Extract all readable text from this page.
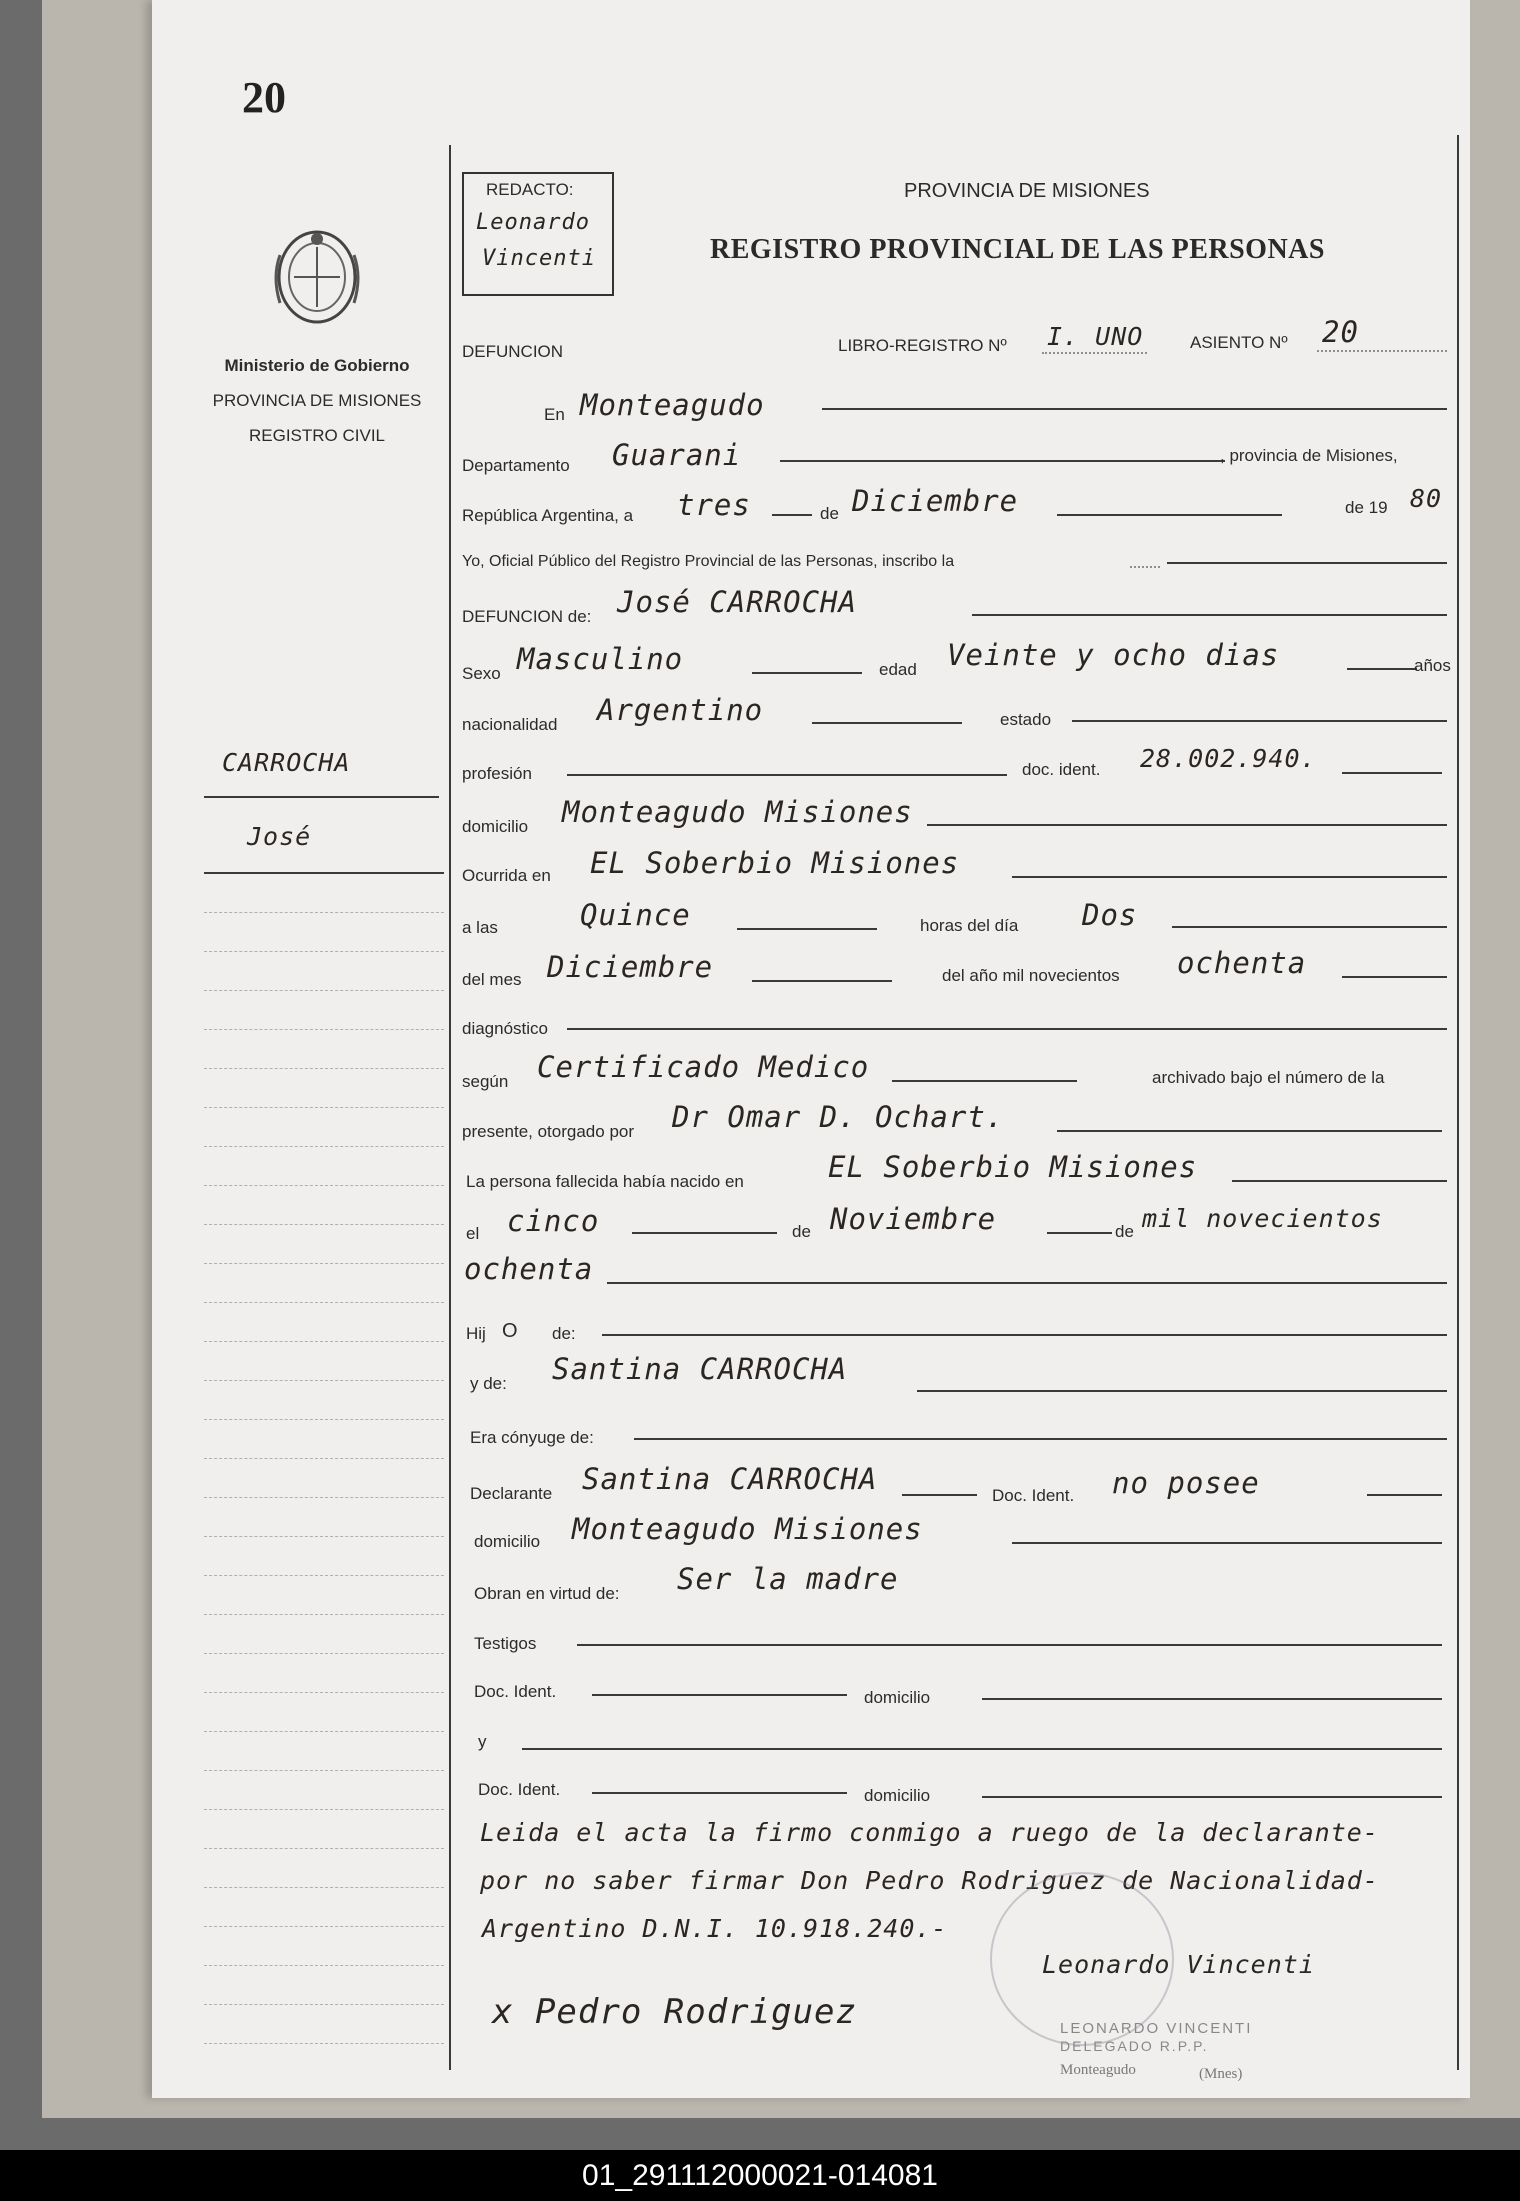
20
Ministerio de Gobierno
PROVINCIA DE MISIONES
REGISTRO CIVIL
CARROCHA
José
PROVINCIA DE MISIONES
REGISTRO PROVINCIAL DE LAS PERSONAS
DEFUNCION	LIBRO-REGISTRO Nº I. UNO	ASIENTO Nº 20
En Monteagudo
Departamento Guarani	, provincia de Misiones,
República Argentina, a tres	de Diciembre	de 19 80
Yo, Oficial Público del Registro Provincial de las Personas, inscribo la
DEFUNCION de: José CARROCHA
Sexo Masculino	edad Veinte y ocho dias	años
nacionalidad Argentino	estado
profesión	doc. ident. 28.002.940.
domicilio Monteagudo Misiones
Ocurrida en EL Soberbio Misiones
a las	Quince	horas del día Dos
del mes Diciembre	del año mil novecientos ochenta
diagnóstico
según Certificado Medico	archivado bajo el número de la
presente, otorgado por Dr Omar D. Ochart.
La persona fallecida había nacido en	EL Soberbio Misiones
el cinco	de Noviembre	de mil novecientos
ochenta
Hij O de:
y de: Santina CARROCHA
Era cónyuge de:
Declarante Santina CARROCHA	Doc. Ident. no posee
domicilio Monteagudo Misiones
Obran en virtud de: Ser la madre
Testigos
Doc. Ident.	domicilio
y
Doc. Ident.	domicilio
Leida el acta la firmo conmigo a ruego de la declarante-
por no saber firmar Don Pedro Rodriguez de Nacionalidad-
Argentino D.N.I. 10.918.240.-
x Pedro Rodriguez
Leonardo Vincenti
LEONARDO VINCENTI
DELEGADO R.P.P.
Monteagudo	(Mnes)
REDACTO:
Leonardo
Vincenti
01_291112000021-014081
